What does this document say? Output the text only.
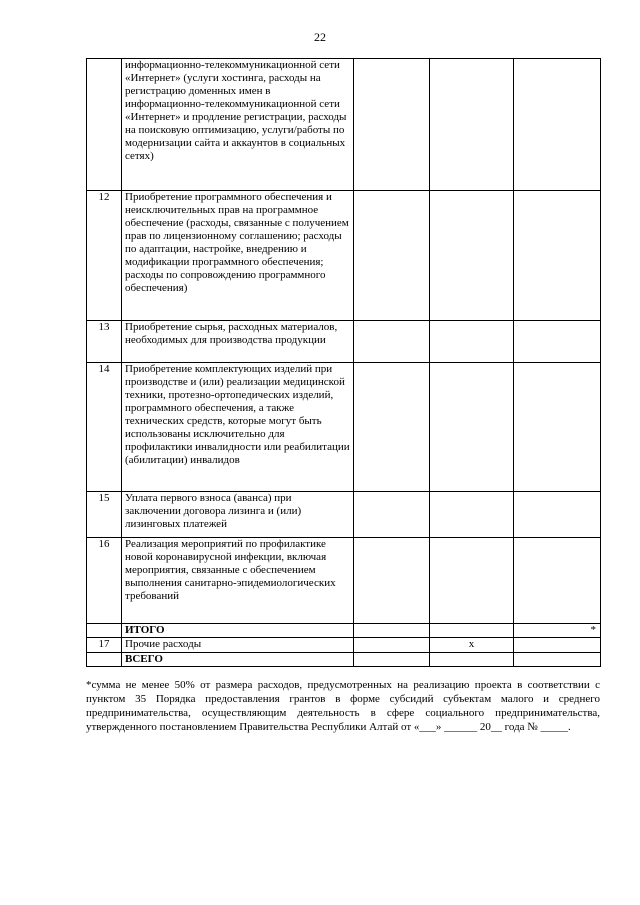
22
	информационно-телекоммуникационной сети «Интернет» (услуги хостинга, расходы на регистрацию доменных имен в информационно-телекоммуникационной сети «Интернет» и продление регистрации, расходы на поисковую оптимизацию, услуги/работы по модернизации сайта и аккаунтов в социальных сетях)			
12	Приобретение программного обеспечения и неисключительных прав на программное обеспечение (расходы, связанные с получением прав по лицензионному соглашению; расходы по адаптации, настройке, внедрению и модификации программного обеспечения; расходы по сопровождению программного обеспечения)			
13	Приобретение сырья, расходных материалов, необходимых для производства продукции			
14	Приобретение комплектующих изделий при производстве и (или) реализации медицинской техники, протезно-ортопедических изделий, программного обеспечения, а также технических средств, которые могут быть использованы исключительно для профилактики инвалидности или реабилитации (абилитации) инвалидов			
15	Уплата первого взноса (аванса) при заключении договора лизинга и (или) лизинговых платежей			
16	Реализация мероприятий по профилактике новой коронавирусной инфекции, включая мероприятия, связанные с обеспечением выполнения санитарно-эпидемиологических требований			
	ИТОГО			*
17	Прочие расходы		х	
	ВСЕГО			
*сумма не менее 50% от размера расходов, предусмотренных на реализацию проекта в соответствии с пунктом 35 Порядка предоставления грантов в форме субсидий субъектам малого и среднего предпринимательства, осуществляющим деятельность в сфере социального предпринимательства, утвержденного постановлением Правительства Республики Алтай от «___» ______ 20__ года № _____.
